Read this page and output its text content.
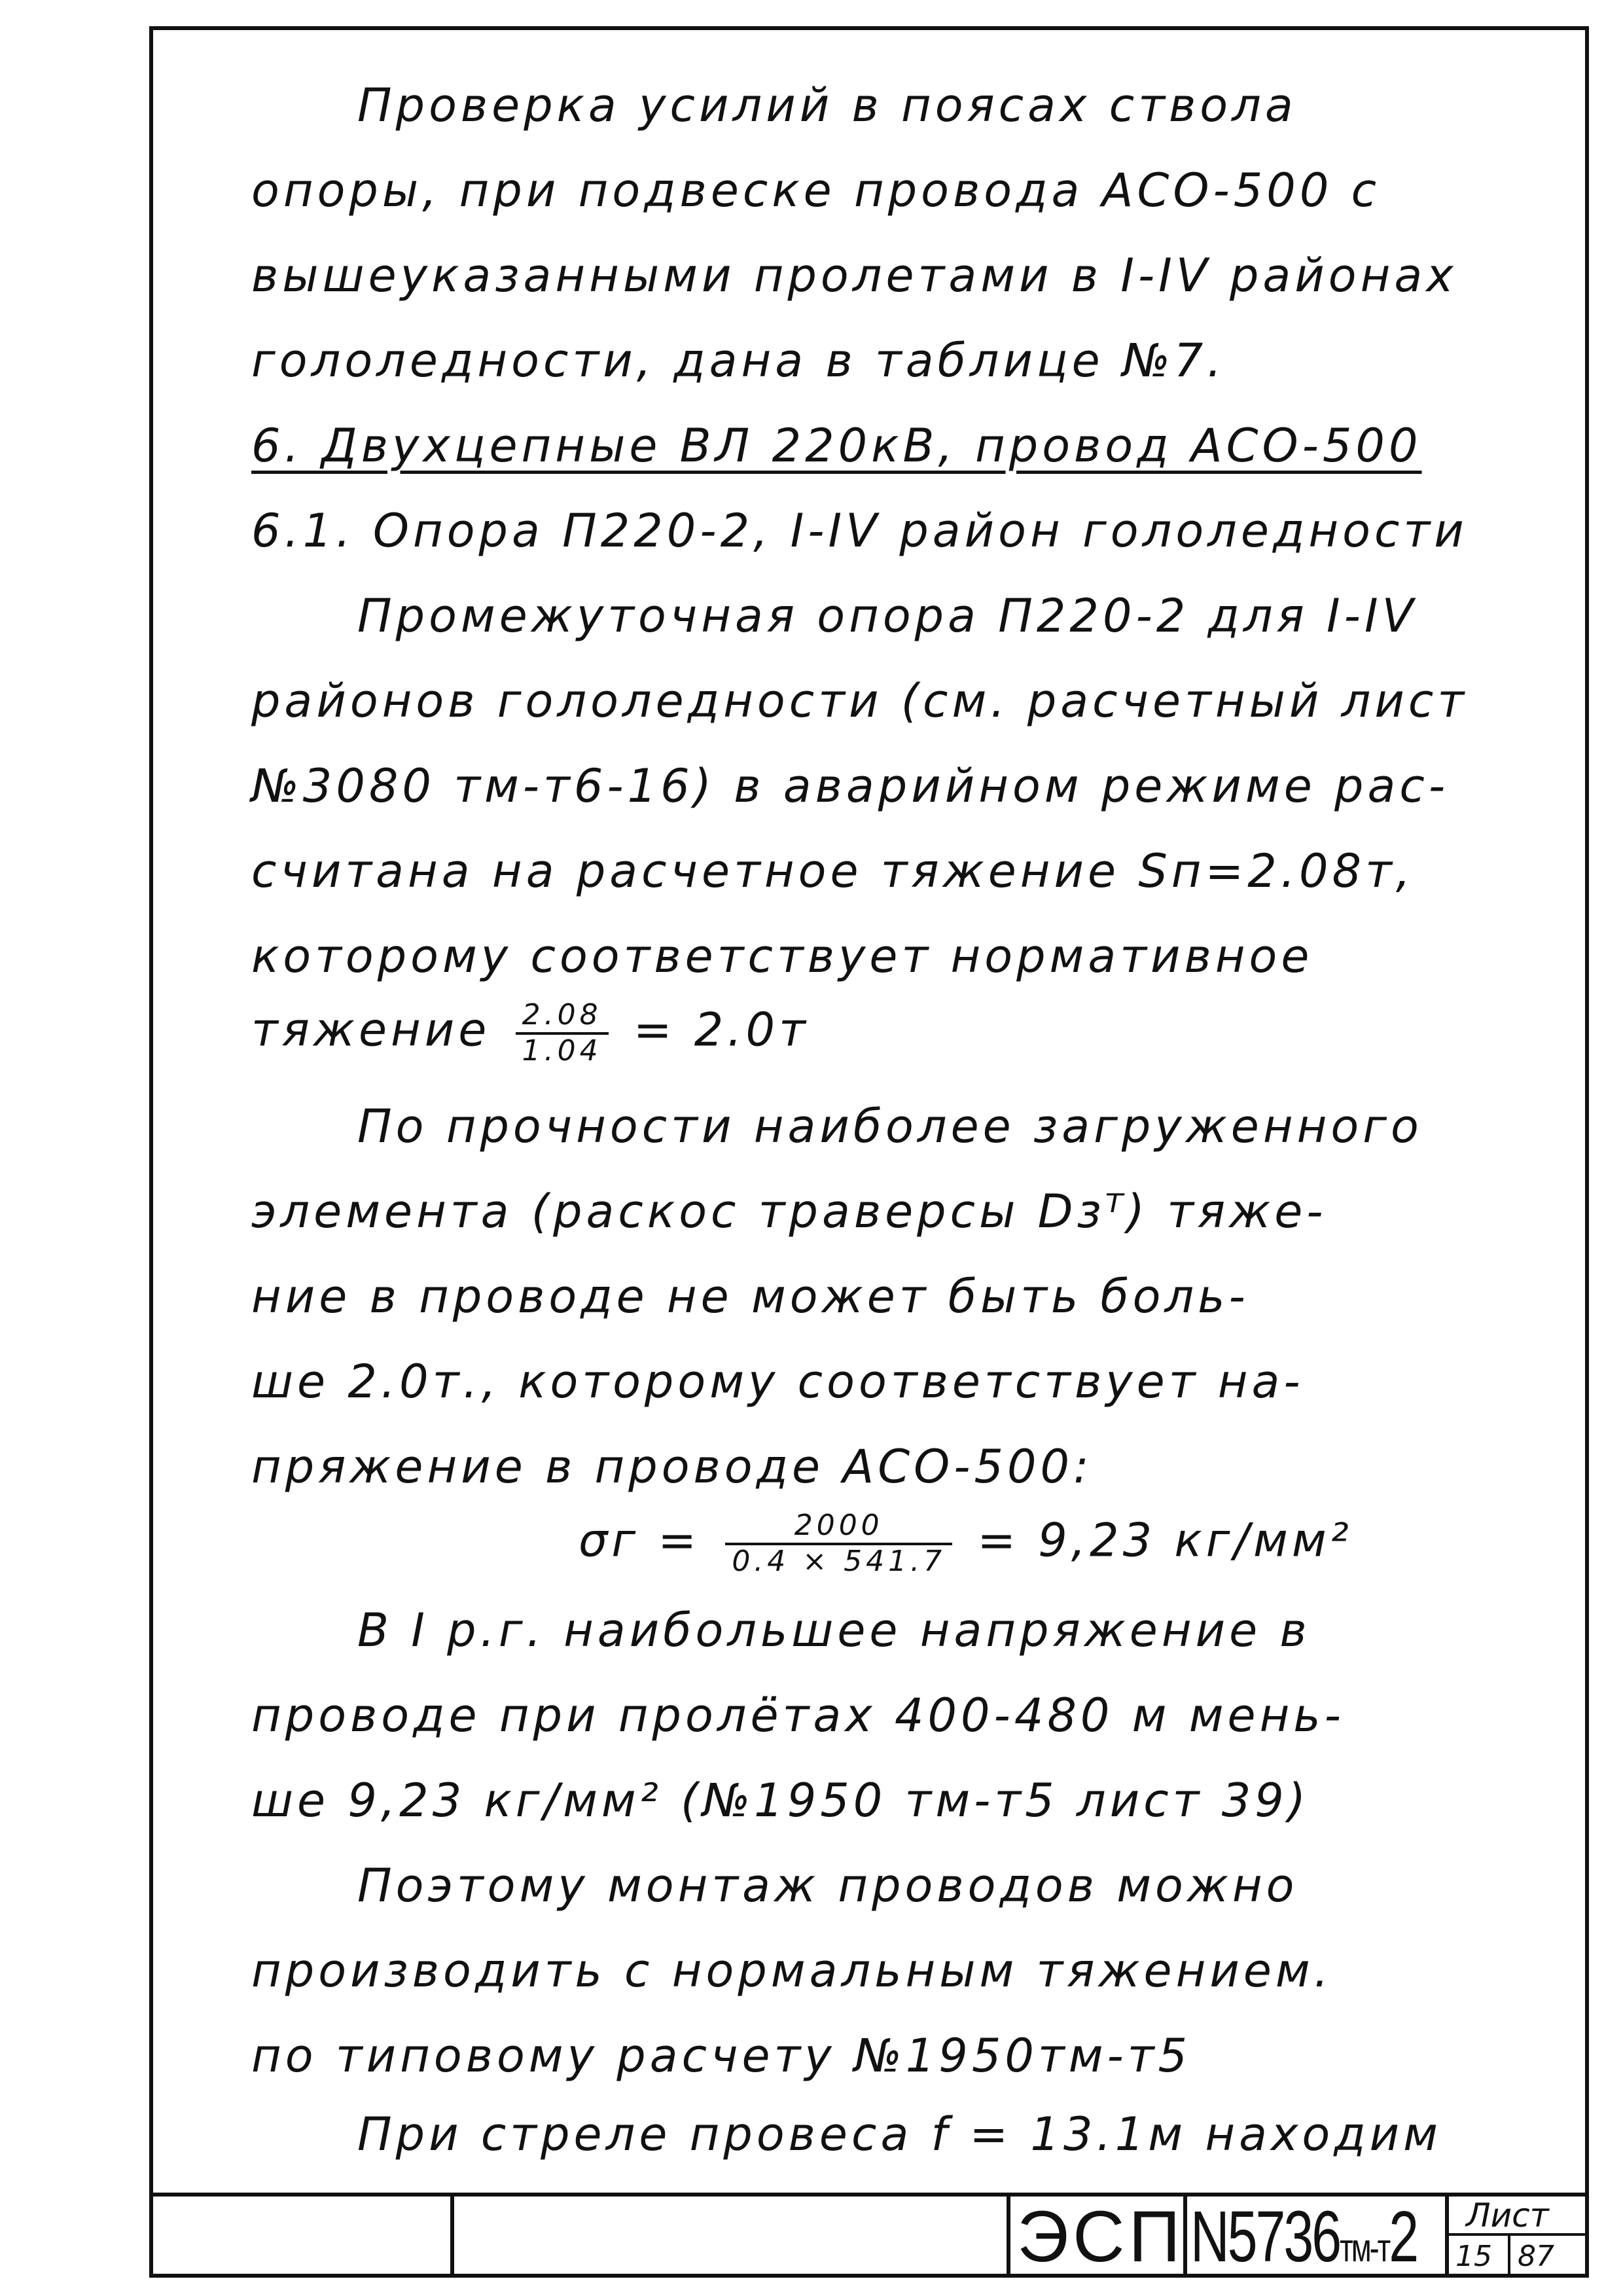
Проверка усилий в поясах ствола
опоры, при подвеске провода АСО-500 с
вышеуказанными пролетами в I-IV районах
гололедности, дана в таблице №7.
6. Двухцепные ВЛ 220кВ, провод АСО-500
6.1. Опора П220-2, I-IV район гололедности
Промежуточная опора П220-2 для I-IV
районов гололедности (см. расчетный лист
№3080 тм-т6-16) в аварийном режиме рас-
считана на расчетное тяжение Sп=2.08т,
которому соответствует нормативное
тяжение $\frac{2.08}{1.04} = 2.0т$
По прочности наиболее загруженного
элемента (раскос траверсы Dзᵀ) тяже-
ние в проводе не может быть боль-
ше 2.0т., которому соответствует на-
пряжение в проводе АСО-500:
$\sigma г = \frac{2000}{0.4 \times 541.7} = 9,23$ кг/мм²
В I р.г. наибольшее напряжение в
проводе при пролётах 400-480 м мень-
ше 9,23 кг/мм² (№1950 тм-т5 лист 39)
Поэтому монтаж проводов можно
производить с нормальным тяжением.
по типовому расчету №1950тм-т5
При стреле провеса f = 13.1м находим
ЭСП N5736тм-т2 Лист
15 87
